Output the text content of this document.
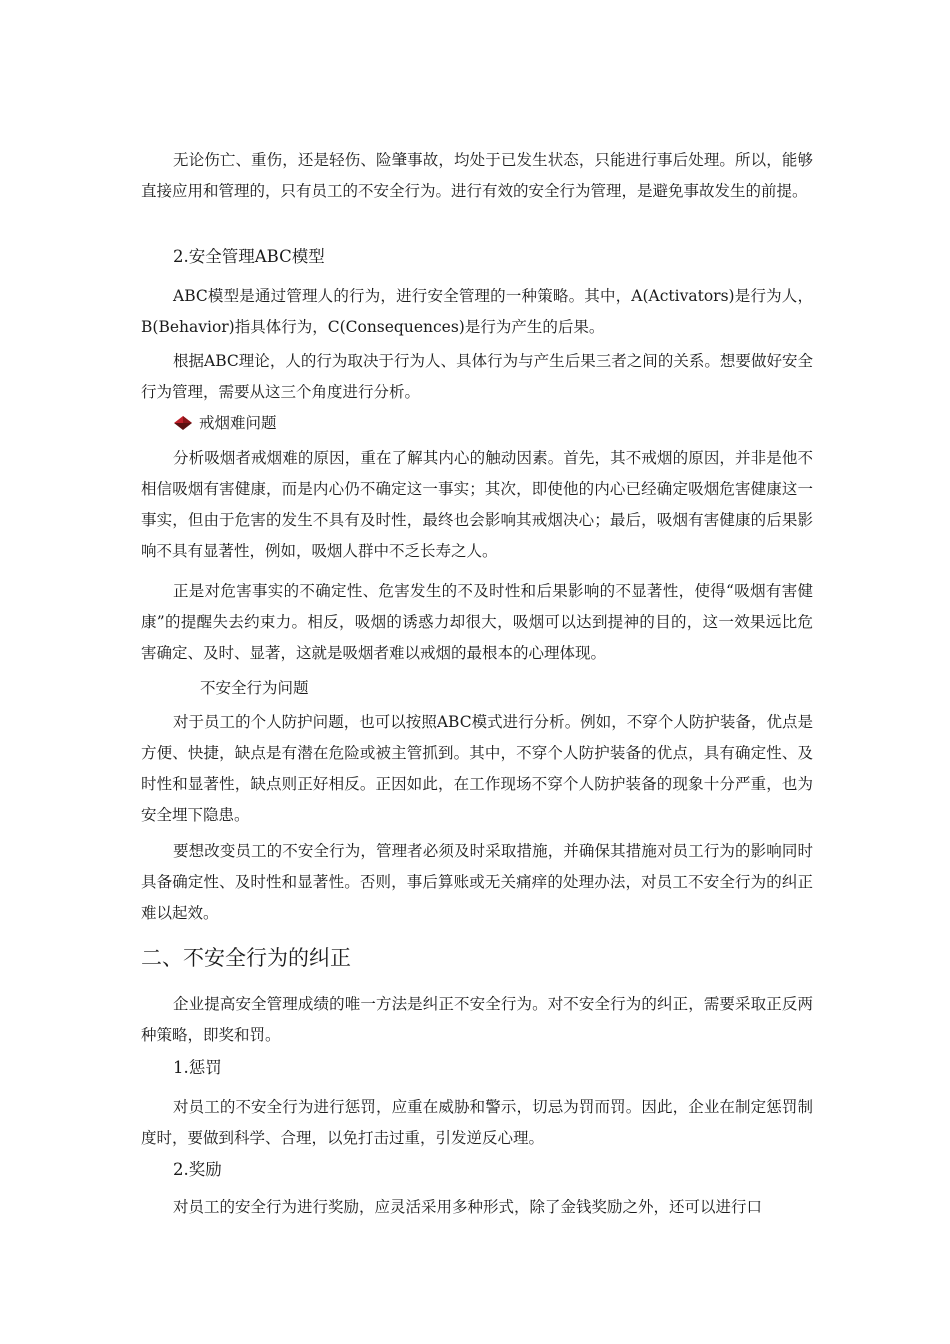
无论伤亡、重伤，还是轻伤、险肇事故，均处于已发生状态，只能进行事后处理。所以，能够直接应用和管理的，只有员工的不安全行为。进行有效的安全行为管理，是避免事故发生的前提。

2.安全管理ABC模型

ABC模型是通过管理人的行为，进行安全管理的一种策略。其中，A(Activators)是行为人，B(Behavior)指具体行为，C(Consequences)是行为产生的后果。

根据ABC理论，人的行为取决于行为人、具体行为与产生后果三者之间的关系。想要做好安全行为管理，需要从这三个角度进行分析。

戒烟难问题

分析吸烟者戒烟难的原因，重在了解其内心的触动因素。首先，其不戒烟的原因，并非是他不相信吸烟有害健康，而是内心仍不确定这一事实；其次，即使他的内心已经确定吸烟危害健康这一事实，但由于危害的发生不具有及时性，最终也会影响其戒烟决心；最后，吸烟有害健康的后果影响不具有显著性，例如，吸烟人群中不乏长寿之人。

正是对危害事实的不确定性、危害发生的不及时性和后果影响的不显著性，使得“吸烟有害健康”的提醒失去约束力。相反，吸烟的诱惑力却很大，吸烟可以达到提神的目的，这一效果远比危害确定、及时、显著，这就是吸烟者难以戒烟的最根本的心理体现。

不安全行为问题

对于员工的个人防护问题，也可以按照ABC模式进行分析。例如，不穿个人防护装备，优点是方便、快捷，缺点是有潜在危险或被主管抓到。其中，不穿个人防护装备的优点，具有确定性、及时性和显著性，缺点则正好相反。正因如此，在工作现场不穿个人防护装备的现象十分严重，也为安全埋下隐患。

要想改变员工的不安全行为，管理者必须及时采取措施，并确保其措施对员工行为的影响同时具备确定性、及时性和显著性。否则，事后算账或无关痛痒的处理办法，对员工不安全行为的纠正难以起效。

二、不安全行为的纠正

企业提高安全管理成绩的唯一方法是纠正不安全行为。对不安全行为的纠正，需要采取正反两种策略，即奖和罚。

1.惩罚

对员工的不安全行为进行惩罚，应重在威胁和警示，切忌为罚而罚。因此，企业在制定惩罚制度时，要做到科学、合理，以免打击过重，引发逆反心理。

2.奖励

对员工的安全行为进行奖励，应灵活采用多种形式，除了金钱奖励之外，还可以进行口
